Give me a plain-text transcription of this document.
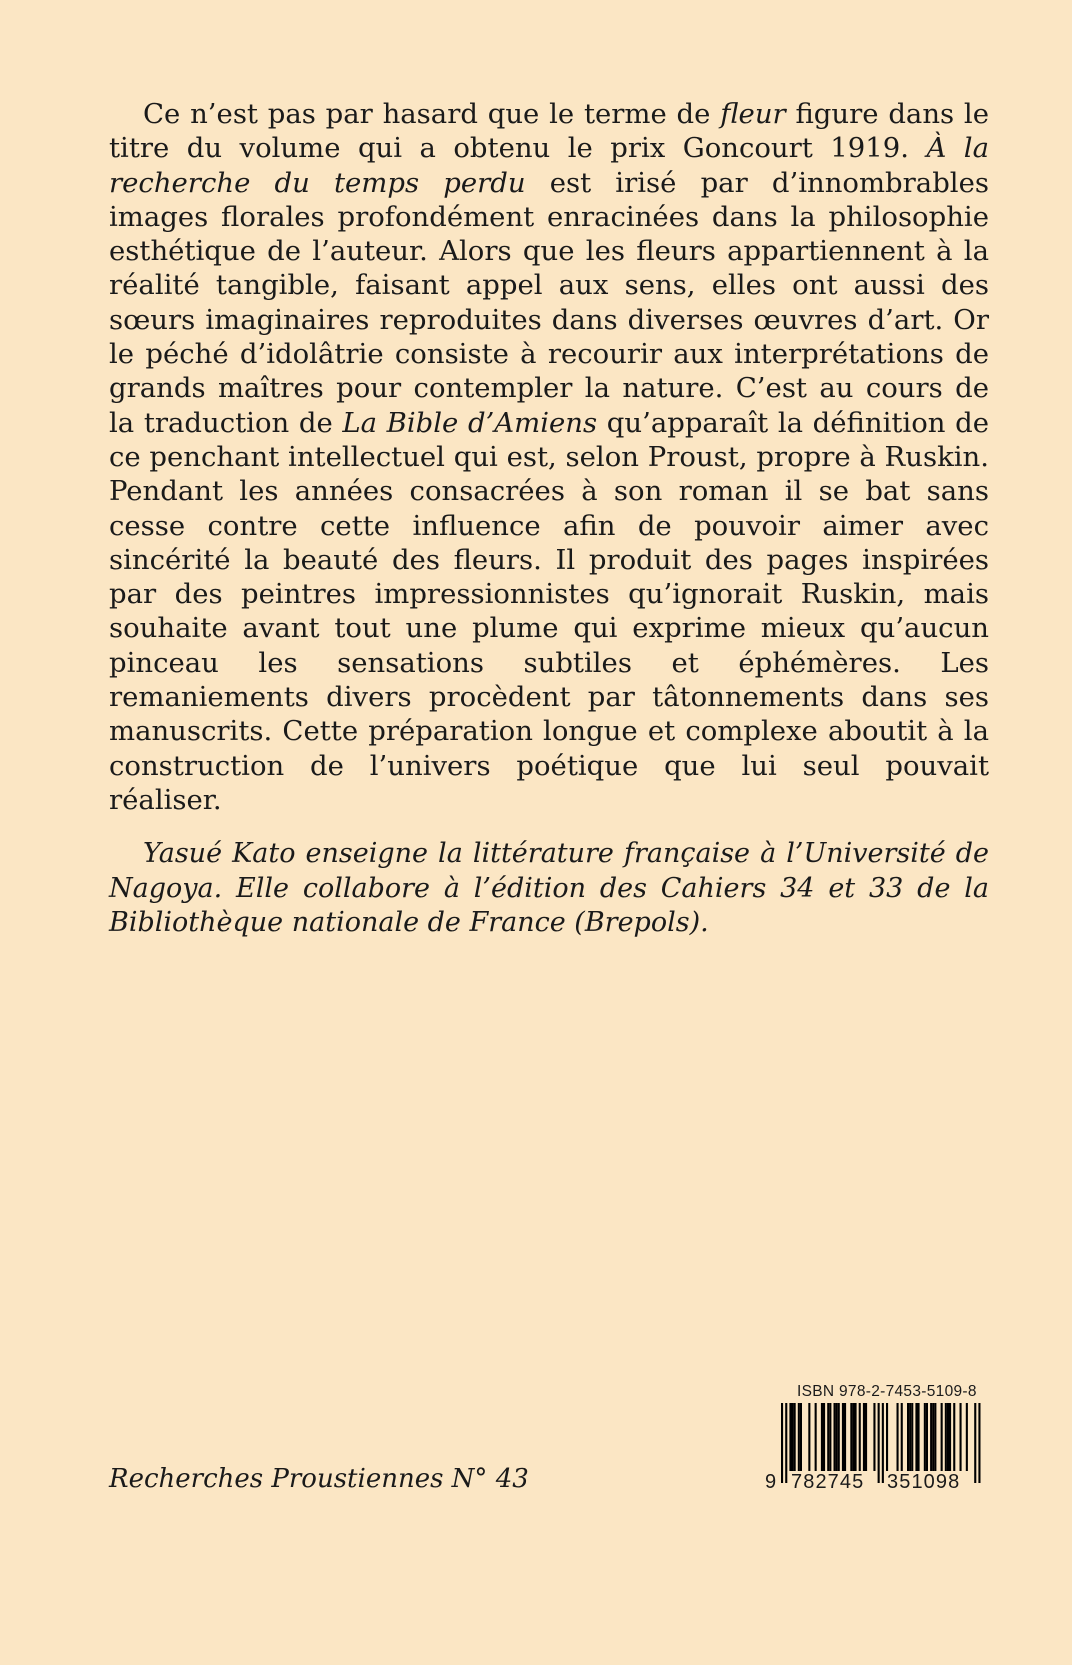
Ce n’est pas par hasard que le terme de fleur figure dans le titre du volume qui a obtenu le prix Goncourt 1919. À la recherche du temps perdu est irisé par d’innombrables images florales profondément enracinées dans la philosophie esthétique de l’auteur. Alors que les fleurs appartiennent à la réalité tangible, faisant appel aux sens, elles ont aussi des sœurs imaginaires reproduites dans diverses œuvres d’art. Or le péché d’idolâtrie consiste à recourir aux interprétations de grands maîtres pour contempler la nature. C’est au cours de la traduction de La Bible d’Amiens qu’apparaît la définition de ce penchant intellectuel qui est, selon Proust, propre à Ruskin. Pendant les années consacrées à son roman il se bat sans cesse contre cette influence afin de pouvoir aimer avec sincérité la beauté des fleurs. Il produit des pages inspirées par des peintres impressionnistes qu’ignorait Ruskin, mais souhaite avant tout une plume qui exprime mieux qu’aucun pinceau les sensations subtiles et éphémères. Les remaniements divers procèdent par tâtonnements dans ses manuscrits. Cette préparation longue et complexe aboutit à la construction de l’univers poétique que lui seul pouvait réaliser.

Yasué Kato enseigne la littérature française à l’Université de Nagoya. Elle collabore à l’édition des Cahiers 34 et 33 de la Bibliothèque nationale de France (Brepols).

Recherches Proustiennes N° 43
ISBN 978-2-7453-5109-8
9 782745 351098
